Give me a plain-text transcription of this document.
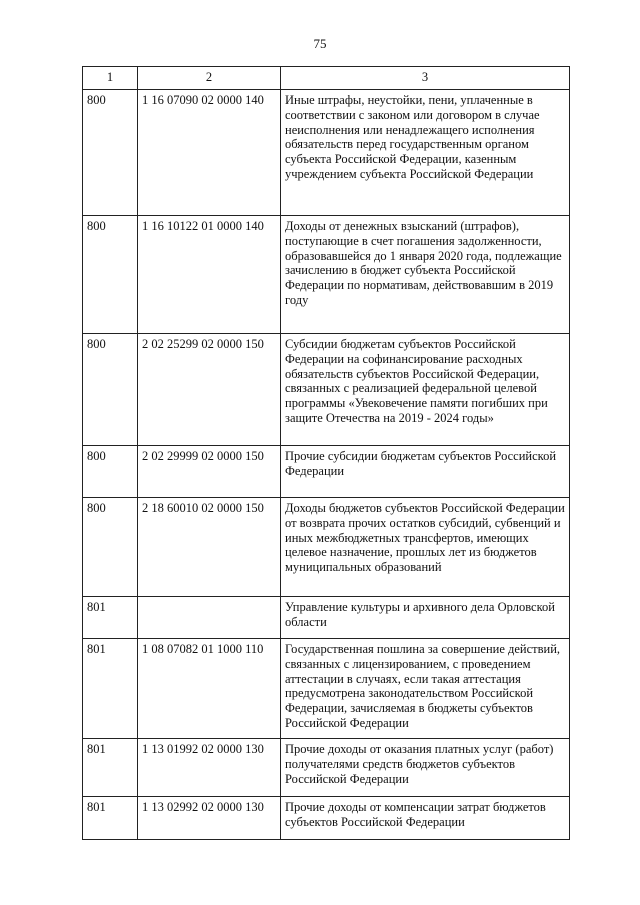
75
1	2	3
800	1 16 07090 02 0000 140	Иные штрафы, неустойки, пени, уплаченные в соответствии с законом или договором в случае неисполнения или ненадлежащего исполнения обязательств перед государственным органом субъекта Российской Федерации, казенным учреждением субъекта Российской Федерации
800	1 16 10122 01 0000 140	Доходы от денежных взысканий (штрафов), поступающие в счет погашения задолженности, образовавшейся до 1 января 2020 года, подлежащие зачислению в бюджет субъекта Российской Федерации по нормативам, действовавшим в 2019 году
800	2 02 25299 02 0000 150	Субсидии бюджетам субъектов Российской Федерации на софинансирование расходных обязательств субъектов Российской Федерации, связанных с реализацией федеральной целевой программы «Увековечение памяти погибших при защите Отечества на 2019 - 2024 годы»
800	2 02 29999 02 0000 150	Прочие субсидии бюджетам субъектов Российской Федерации
800	2 18 60010 02 0000 150	Доходы бюджетов субъектов Российской Федерации от возврата прочих остатков субсидий, субвенций и иных межбюджетных трансфертов, имеющих целевое назначение, прошлых лет из бюджетов муниципальных образований
801		Управление культуры и архивного дела Орловской области
801	1 08 07082 01 1000 110	Государственная пошлина за совершение действий, связанных с лицензированием, с проведением аттестации в случаях, если такая аттестация предусмотрена законодательством Российской Федерации, зачисляемая в бюджеты субъектов Российской Федерации
801	1 13 01992 02 0000 130	Прочие доходы от оказания платных услуг (работ) получателями средств бюджетов субъектов Российской Федерации
801	1 13 02992 02 0000 130	Прочие доходы от компенсации затрат бюджетов субъектов Российской Федерации
